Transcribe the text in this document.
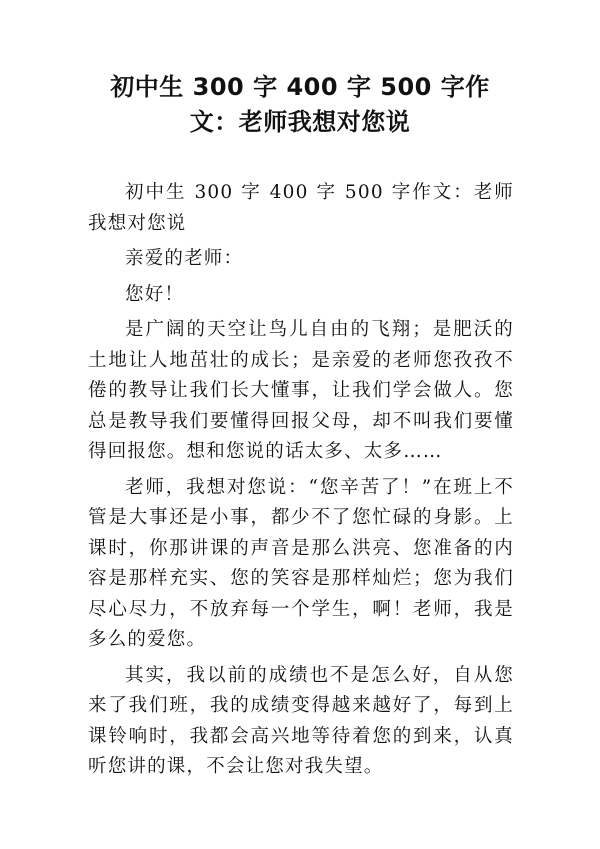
初中生 300 字 400 字 500 字作文：老师我想对您说

初中生 300 字 400 字 500 字作文：老师我想对您说

亲爱的老师：

您好！

是广阔的天空让鸟儿自由的飞翔；是肥沃的土地让人地茁壮的成长；是亲爱的老师您孜孜不倦的教导让我们长大懂事，让我们学会做人。您总是教导我们要懂得回报父母，却不叫我们要懂得回报您。想和您说的话太多、太多……

老师，我想对您说：“您辛苦了！”在班上不管是大事还是小事，都少不了您忙碌的身影。上课时，你那讲课的声音是那么洪亮、您准备的内容是那样充实、您的笑容是那样灿烂；您为我们尽心尽力，不放弃每一个学生，啊！老师，我是多么的爱您。

其实，我以前的成绩也不是怎么好，自从您来了我们班，我的成绩变得越来越好了，每到上课铃响时，我都会高兴地等待着您的到来，认真听您讲的课，不会让您对我失望。
